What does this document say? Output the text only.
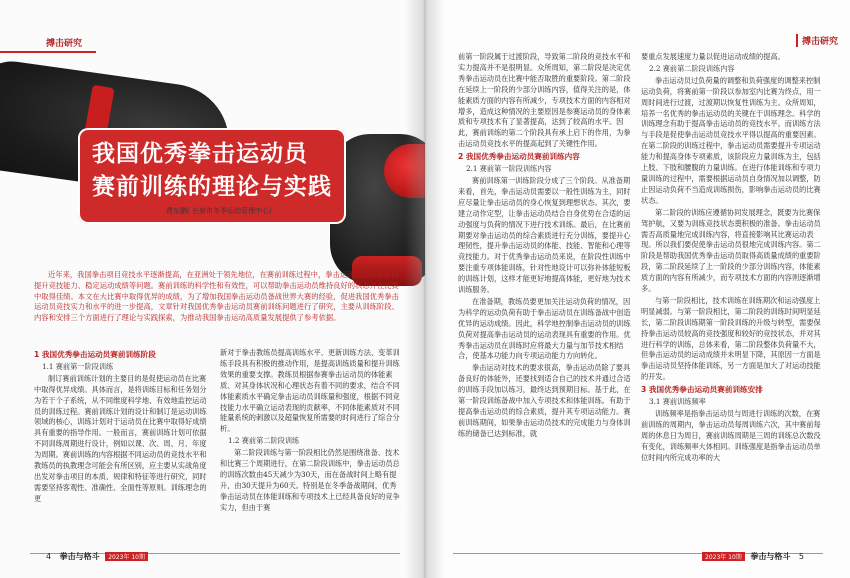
搏击研究
我国优秀拳击运动员
赛前训练的理论与实践
费东鹏( 长春市冬季运动管理中心)

近年来，我国拳击项目竞技水平逐渐提高，在亚洲处于领先地位，在赛前训练过程中，拳击运动员面临着如何提升竞技能力、稳定运动成绩等问题。赛前训练的科学性和有效性，可以帮助拳击运动员维持良好的状态并在比赛中取得佳绩。本文在大比赛中取得优异的成绩，为了增加我国拳击运动员备战世界大赛的经验，促进我国优秀拳击运动员竞技实力和水平的进一步提高，文章针对我国优秀拳击运动员赛前训练问题进行了研究，主要从训练阶段、内容和安排三个方面进行了理论与实践探索，为推动我国拳击运动高质量发展提供了参考依据。

1 我国优秀拳击运动员赛前训练阶段
1.1 赛前第一阶段训练

制订赛前训练计划的主要目的是促使运动员在比赛中取得优异成绩。具体而言，是将训练目标和任务划分为若干个子系统，从不同维度科学地、有效地监控运动员的训练过程。赛前训练计划的设计和制订是运动训练领域的核心，训练计划对于运动员在比赛中取得好成绩具有重要的指导作用。一般而言，赛前训练计划可依据不同训练周期进行设计，例如以课、次、周、月、年度为周期。赛前训练的内容根据不同运动员的竞技水平和教练员的执教理念可能会有所区别，应主要从实战角度出发对拳击项目的本质、规律和特征等进行研究，同时需要坚持客观性、准确性、全面性等原则。训练理念的更

新对于拳击教练员提高训练水平、更新训练方法、变革训练手段具有积极的推动作用，是提高训练质量和提升训练效果的重要支撑。教练员根据参赛拳击运动员的体能素质、对其身体状况和心理状态有着不同的要求，结合不同体能素质水平确定拳击运动员训练量和强度，根据不同竞技能力水平确立运动表现的贡献率，不同体能素质对不同能量系统的刺激以及超量恢复所需要的时间进行了综合分析。

1.2 赛前第二阶段训练

第二阶段训练与第一阶段相比仍然是围绕准备、技术和比赛三个周期进行，在第二阶段训练中，拳击运动员总的训练次数由45天减少为30天，而在备战时间上略有提升，由30天提升为60天。特别是在冬季备战期间，优秀拳击运动员在体能训练和专项技术上已经具备良好的竞争实力，但由于赛

4 拳击与格斗 2023年 10期
搏击研究

前第一阶段属于过渡阶段，导致第二阶段的竞技水平和实力提高并不是很明显。众所周知，第二阶段是决定优秀拳击运动员在比赛中能否取胜的重要阶段。第二阶段在延续上一阶段的少部分训练内容，值得关注的是，体能素质方面的内容有所减少，专项技术方面的内容相对增多，造成这种情况的主要原因是参赛运动员的身体素质和专项技术有了显著提高，达到了较高的水平。因此，赛前训练的第二个阶段具有承上启下的作用，为拳击运动员竞技水平的提高起到了关键性作用。

2 我国优秀拳击运动员赛前训练内容
2.1 赛前第一阶段训练内容

赛前训练第一训练阶段分成了三个阶段。从准备期来看，首先，拳击运动员需要以一般性训练为主，同时应尽量让拳击运动员的身心恢复到理想状态。其次，要建立动作定型，让拳击运动员结合自身优势在合适的运动强度与负荷的情况下进行技术训练。最后，在比赛前期要对拳击运动员的综合素质进行充分训练，要提升心理韧性，提升拳击运动员的体能、技能、智能和心理等竞技能力。对于优秀拳击运动员来说，在阶段性训练中要注重专项体能训练，针对性地设计可以弥补体能短板的训练计划，这样才能更好地提高体能，更好地为技术训练服务。

在准备期，教练员要更加关注运动负荷的情况，因为科学的运动负荷有助于拳击运动员在训练备战中创造优异的运动成绩。因此，科学地控制拳击运动员的训练负荷对提高拳击运动员的运动表现具有重要的作用。优秀拳击运动员在训练时应将最大力量与加节技术相结合，使基本功能力向专项运动能力方向转化。

拳击运动对技术的要求很高，拳击运动员除了要具备良好的体能外，还要找到适合自己的技术并通过合适的训练手段加以练习，最终达到预期目标。基于此，在第一阶段训练备战中加入专项技术和体能训练。有助于提高拳击运动员的综合素质，提升其专项运动能力。赛前训练期间，如果拳击运动员技术的完成能力与身体训练的储备已达到标准，就

要重点发展速度力量以促进运动成绩的提高。

2.2 赛前第二阶段训练内容

拳击运动员过负荷量的调整和负荷强度的调整来控制运动负荷，将赛前第一阶段以参加室内比赛为终点，用一周时间进行过渡，过渡期以恢复性训练为主。众所周知，培养一名优秀的拳击运动员的关键在于训练理念。科学的训练理念有助于提高拳击运动员的竞技水平。而训练方法与手段是促使拳击运动员竞技水平得以提高的重要因素。在第二阶段的训练过程中，拳击运动员需要提升专项运动能力和提高身体专项素质，该阶段应力量训练为主，包括上肢、下肢和腰腹的力量训练。在进行体能训练和专项力量训练的过程中，需要根据运动员自身情况加以调整，防止因运动负荷不当造成训练损伤，影响拳击运动员的比赛状态。

第二阶段的训练应遵循协同发展理念，既要为比赛保驾护航，又要为训练竞技状态奠积极的准备。拳击运动员需否高质量地完成训练内容，将直接影响其比赛运动表现。所以我们要促使拳击运动员很地完成训练内容。第二阶段是帮助我国优秀拳击运动员取得高质量成绩的重要阶段，第二阶段延续了上一阶段的少部分训练内容，体能素质方面的内容有所减少，而专项技术方面的内容则逐渐增多。

与第一阶段相比，技术训练在训练期次和运动强度上明显减弱。与第一阶段相比，第二阶段的训练时间明显延长，第二阶段训练期第一阶段训练的升级与转型，需要保持拳击运动员较高的竞技强度和较好的竞技状态，并对其进行科学的训练，总体来看，第二阶段整体负荷量不大，但拳击运动员的运动成绩并未明显下降，其原因一方面是拳击运动员坚持体能训练，另一方面是加大了对运动技能的开发。

3 我国优秀拳击运动员赛前训练安排
3.1 赛前训练频率

训练频率是指拳击运动员与周进行训练的次数，在赛前训练的周期内，拳击运动员每周训练六次，其中赛前每周的休息日为周日，赛前训练周期是三周的训练总次数没有变化，训练频率大体相同。训练强度是指拳击运动员单位时间内所完成功率的大

2023年 10期 拳击与格斗 5
